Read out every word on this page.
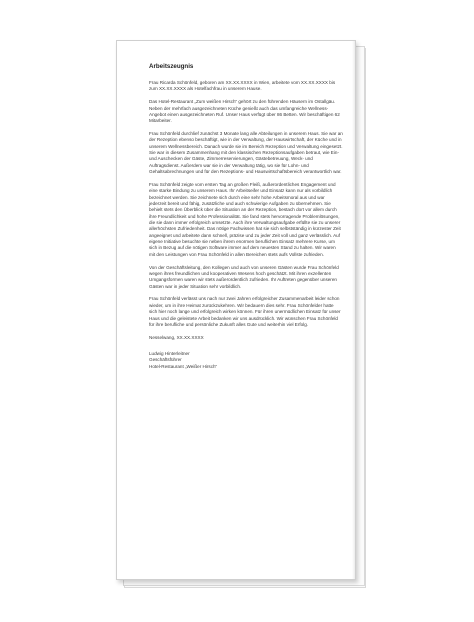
Arbeitszeugnis

Frau Ricarda Schönfeld, geboren am XX.XX.XXXX in Wien, arbeitete vom XX.XX.XXXX bis zum XX.XX.XXXX als Hotelfachfrau in unserem Hause.

Das Hotel-Restaurant „Zum weißen Hirsch“ gehört zu den führenden Häusern im Ostallgäu. Neben der mehrfach ausgezeichneten Küche genießt auch das umfangreiche Wellness-Angebot einen ausgezeichneten Ruf. Unser Haus verfügt über 86 Betten. Wir beschäftigen 62 Mitarbeiter.

Frau Schönfeld durchlief zunächst 3 Monate lang alle Abteilungen in unserem Haus. Sie war an der Rezeption ebenso beschäftigt, wie in der Verwaltung, der Hauswirtschaft, der Küche und in unserem Wellnessbereich. Danach wurde sie im Bereich Rezeption und Verwaltung eingesetzt. Sie war in diesem Zusammenhang mit den klassischen Rezeptionsaufgaben betraut, wie Ein- und Auschecken der Gäste, Zimmerreservierungen, Gästebetreuung, Weck- und Auftragsdienst. Außerdem war sie in der Verwaltung tätig, wo sie für Lohn- und Gehaltsabrechnungen und für den Rezeptions- und Hauswirtschaftsbereich verantwortlich war.

Frau Schönfeld zeigte vom ersten Tag an großen Fleiß, außerordentliches Engagement und eine starke Bindung zu unserem Haus. Ihr Arbeitseifer und Einsatz kann nur als vorbildlich bezeichnet werden. Sie zeichnete sich durch eine sehr hohe Arbeitsmoral aus und war jederzeit bereit und fähig, zusätzliche und auch schwierige Aufgaben zu übernehmen. Sie behielt stets den Überblick über die Situation an der Rezeption, bestach dort vor allem durch ihre Freundlichkeit und hohe Professionalität. Sie fand stets hervorragende Problemlösungen, die sie dann immer erfolgreich umsetzte. Auch ihre Verwaltungsaufgabe erfüllte sie zu unserer allerhöchsten Zufriedenheit. Das nötige Fachwissen hat sie sich selbstständig in kürzester Zeit angeeignet und arbeitete dann schnell, präzise und zu jeder Zeit voll und ganz verlässlich. Auf eigene Initiative besuchte sie neben ihrem enormen beruflichen Einsatz mehrere Kurse, um sich in Bezug auf die nötigen Software immer auf dem neuesten Stand zu halten. Wir waren mit den Leistungen von Frau Schönfeld in allen Bereichen stets aufs Vollste zufrieden.

Von der Geschäftsleitung, den Kollegen und auch von unseren Gästen wurde Frau Schönfeld wegen ihres freundlichen und kooperativen Wesens hoch geschätzt. Mit ihren exzellenten Umgangsformen waren wir stets außerordentlich zufrieden. Ihr Auftreten gegenüber unseren Gästen war in jeder Situation sehr vorbildlich.

Frau Schönfeld verlässt uns nach nur zwei Jahren erfolgreicher Zusammenarbeit leider schon wieder, um in ihre Heimat zurückzukehren. Wir bedauern dies sehr. Frau Schönfelder hatte sich hier noch lange und erfolgreich wirken können. Für ihren unermüdlichen Einsatz für unser Haus und die geleistete Arbeit bedanken wir uns ausdrücklich. Wir wünschen Frau Schönfeld für ihre berufliche und persönliche Zukunft alles Gute und weiterhin viel Erfolg.

Nesselwang, XX.XX.XXXX

Ludwig Hinterleitner

Geschäftsführer

Hotel-Restaurant „Weißer Hirsch“
